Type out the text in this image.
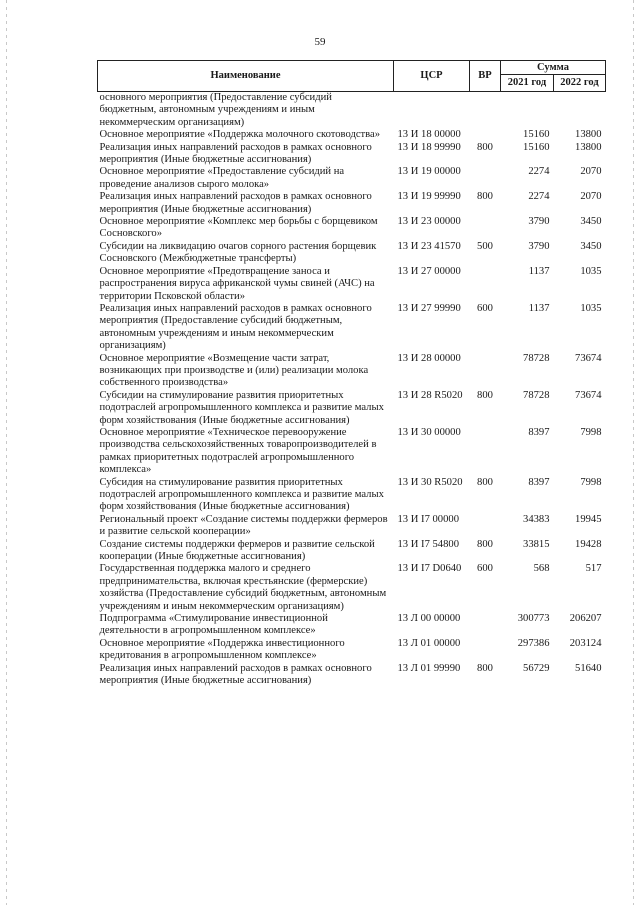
59
Наименование	ЦСР	ВР	Сумма	
			2021 год	2022 год
основного мероприятия (Предоставление субсидий бюджетным, автономным учреждениям и иным некоммерческим организациям)				
Основное мероприятие «Поддержка молочного скотоводства»	13 И 18 00000		15160	13800
Реализация иных направлений расходов в рамках основного мероприятия (Иные бюджетные ассигнования)	13 И 18 99990	800	15160	13800
Основное мероприятие «Предоставление субсидий на проведение анализов сырого молока»	13 И 19 00000		2274	2070
Реализация иных направлений расходов в рамках основного мероприятия (Иные бюджетные ассигнования)	13 И 19 99990	800	2274	2070
Основное мероприятие «Комплекс мер борьбы с борщевиком Сосновского»	13 И 23 00000		3790	3450
Субсидии на ликвидацию очагов сорного растения борщевик Сосновского (Межбюджетные трансферты)	13 И 23 41570	500	3790	3450
Основное мероприятие «Предотвращение заноса и распространения вируса африканской чумы свиней (АЧС) на территории Псковской области»	13 И 27 00000		1137	1035
Реализация иных направлений расходов в рамках основного мероприятия (Предоставление субсидий бюджетным, автономным учреждениям и иным некоммерческим организациям)	13 И 27 99990	600	1137	1035
Основное мероприятие «Возмещение части затрат, возникающих при производстве и (или) реализации молока собственного производства»	13 И 28 00000		78728	73674
Субсидии на стимулирование развития приоритетных подотраслей агропромышленного комплекса и развитие малых форм хозяйствования (Иные бюджетные ассигнования)	13 И 28 R5020	800	78728	73674
Основное мероприятие «Техническое перевооружение производства сельскохозяйственных товаропроизводителей в рамках приоритетных подотраслей агропромышленного комплекса»	13 И 30 00000		8397	7998
Субсидия на стимулирование развития приоритетных подотраслей агропромышленного комплекса и развитие малых форм хозяйствования (Иные бюджетные ассигнования)	13 И 30 R5020	800	8397	7998
Региональный проект «Создание системы поддержки фермеров и развитие сельской кооперации»	13 И I7 00000		34383	19945
Создание системы поддержки фермеров и развитие сельской кооперации (Иные бюджетные ассигнования)	13 И I7 54800	800	33815	19428
Государственная поддержка малого и среднего предпринимательства, включая крестьянские (фермерские) хозяйства (Предоставление субсидий бюджетным, автономным учреждениям и иным некоммерческим организациям)	13 И I7 D0640	600	568	517
Подпрограмма «Стимулирование инвестиционной деятельности в агропромышленном комплексе»	13 Л 00 00000		300773	206207
Основное мероприятие «Поддержка инвестиционного кредитования в агропромышленном комплексе»	13 Л 01 00000		297386	203124
Реализация иных направлений расходов в рамках основного мероприятия (Иные бюджетные ассигнования)	13 Л 01 99990	800	56729	51640
